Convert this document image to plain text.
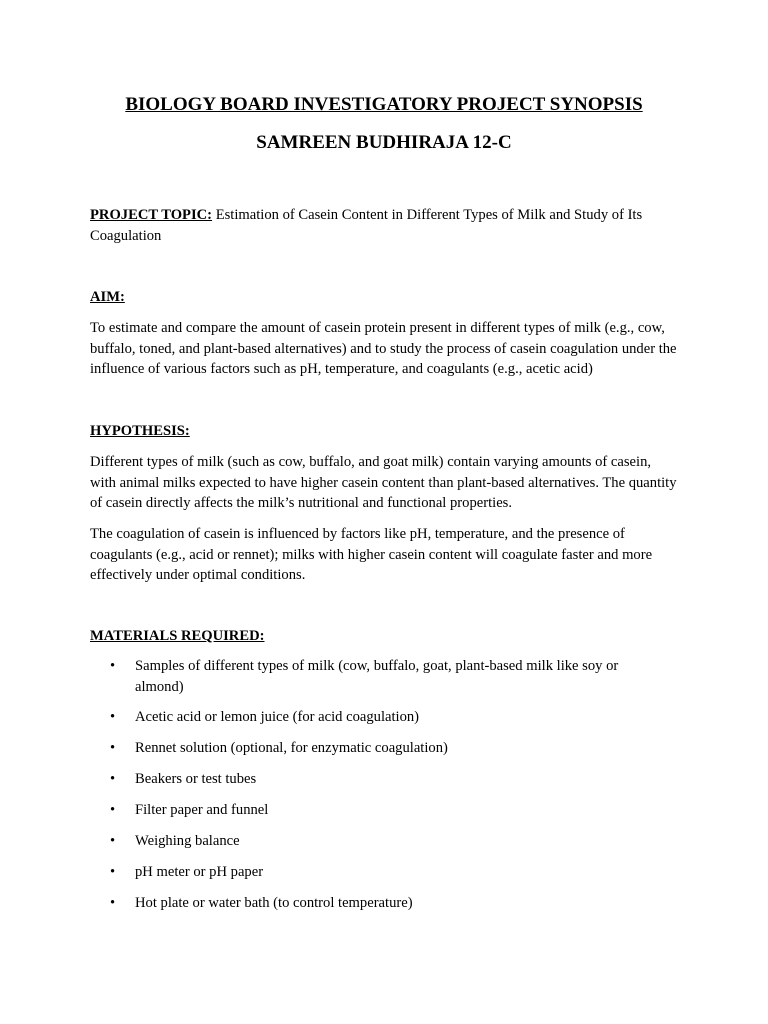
BIOLOGY BOARD INVESTIGATORY PROJECT SYNOPSIS
SAMREEN BUDHIRAJA 12-C

PROJECT TOPIC: Estimation of Casein Content in Different Types of Milk and Study of Its Coagulation

AIM:

To estimate and compare the amount of casein protein present in different types of milk (e.g., cow, buffalo, toned, and plant-based alternatives) and to study the process of casein coagulation under the influence of various factors such as pH, temperature, and coagulants (e.g., acetic acid)

HYPOTHESIS:

Different types of milk (such as cow, buffalo, and goat milk) contain varying amounts of casein, with animal milks expected to have higher casein content than plant-based alternatives. The quantity of casein directly affects the milk’s nutritional and functional properties.

The coagulation of casein is influenced by factors like pH, temperature, and the presence of coagulants (e.g., acid or rennet); milks with higher casein content will coagulate faster and more effectively under optimal conditions.

MATERIALS REQUIRED:

• Samples of different types of milk (cow, buffalo, goat, plant-based milk like soy or almond)
• Acetic acid or lemon juice (for acid coagulation)
• Rennet solution (optional, for enzymatic coagulation)
• Beakers or test tubes
• Filter paper and funnel
• Weighing balance
• pH meter or pH paper
• Hot plate or water bath (to control temperature)
